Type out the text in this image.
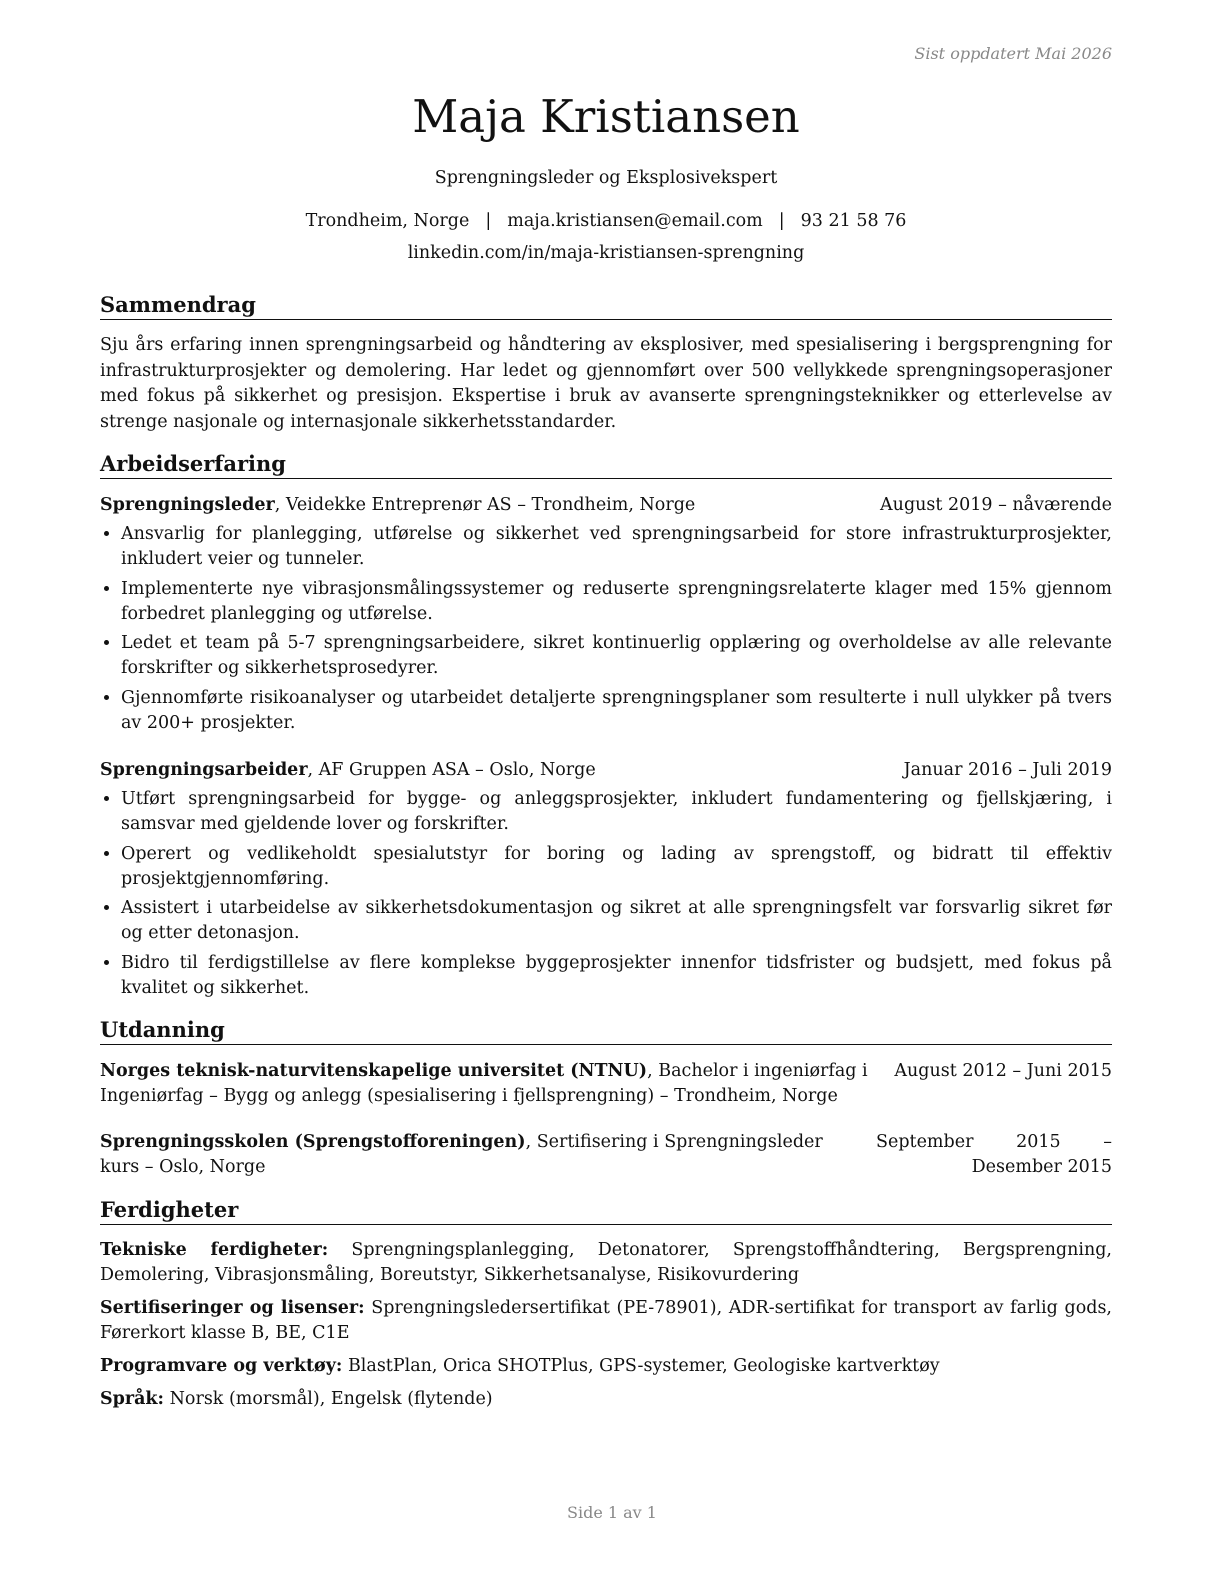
Sist oppdatert Mai 2026
Maja Kristiansen
Sprengningsleder og Eksplosivekspert
Trondheim, Norge | maja.kristiansen@email.com | 93 21 58 76
linkedin.com/in/maja-kristiansen-sprengning
Sammendrag
Sju års erfaring innen sprengningsarbeid og håndtering av eksplosiver, med spesialisering i bergsprengning for infrastrukturprosjekter og demolering. Har ledet og gjennomført over 500 vellykkede sprengningsoperasjoner med fokus på sikkerhet og presisjon. Ekspertise i bruk av avanserte sprengningsteknikker og etterlevelse av strenge nasjonale og internasjonale sikkerhetsstandarder.
Arbeidserfaring
Sprengningsleder, Veidekke Entreprenør AS – Trondheim, Norge	August 2019 – nåværende
• Ansvarlig for planlegging, utførelse og sikkerhet ved sprengningsarbeid for store infrastrukturprosjekter, inkludert veier og tunneler.
• Implementerte nye vibrasjonsmålingssystemer og reduserte sprengningsrelaterte klager med 15% gjennom forbedret planlegging og utførelse.
• Ledet et team på 5-7 sprengningsarbeidere, sikret kontinuerlig opplæring og overholdelse av alle relevante forskrifter og sikkerhetsprosedyrer.
• Gjennomførte risikoanalyser og utarbeidet detaljerte sprengningsplaner som resulterte i null ulykker på tvers av 200+ prosjekter.
Sprengningsarbeider, AF Gruppen ASA – Oslo, Norge	Januar 2016 – Juli 2019
• Utført sprengningsarbeid for bygge- og anleggsprosjekter, inkludert fundamentering og fjellskjæring, i samsvar med gjeldende lover og forskrifter.
• Operert og vedlikeholdt spesialutstyr for boring og lading av sprengstoff, og bidratt til effektiv prosjektgjennomføring.
• Assistert i utarbeidelse av sikkerhetsdokumentasjon og sikret at alle sprengningsfelt var forsvarlig sikret før og etter detonasjon.
• Bidro til ferdigstillelse av flere komplekse byggeprosjekter innenfor tidsfrister og budsjett, med fokus på kvalitet og sikkerhet.
Utdanning
Norges teknisk-naturvitenskapelige universitet (NTNU), Bachelor i ingeniørfag i Ingeniørfag – Bygg og anlegg (spesialisering i fjellsprengning) – Trondheim, Norge
August 2012 – Juni 2015
Sprengningsskolen (Sprengstofforeningen), Sertifisering i Sprengningsleder kurs – Oslo, Norge
September 2015 – Desember 2015
Ferdigheter
Tekniske ferdigheter: Sprengningsplanlegging, Detonatorer, Sprengstoffhåndtering, Bergsprengning, Demolering, Vibrasjonsmåling, Boreutstyr, Sikkerhetsanalyse, Risikovurdering
Sertifiseringer og lisenser: Sprengningsledersertifikat (PE-78901), ADR-sertifikat for transport av farlig gods, Førerkort klasse B, BE, C1E
Programvare og verktøy: BlastPlan, Orica SHOTPlus, GPS-systemer, Geologiske kartverktøy
Språk: Norsk (morsmål), Engelsk (flytende)
Side 1 av 1
